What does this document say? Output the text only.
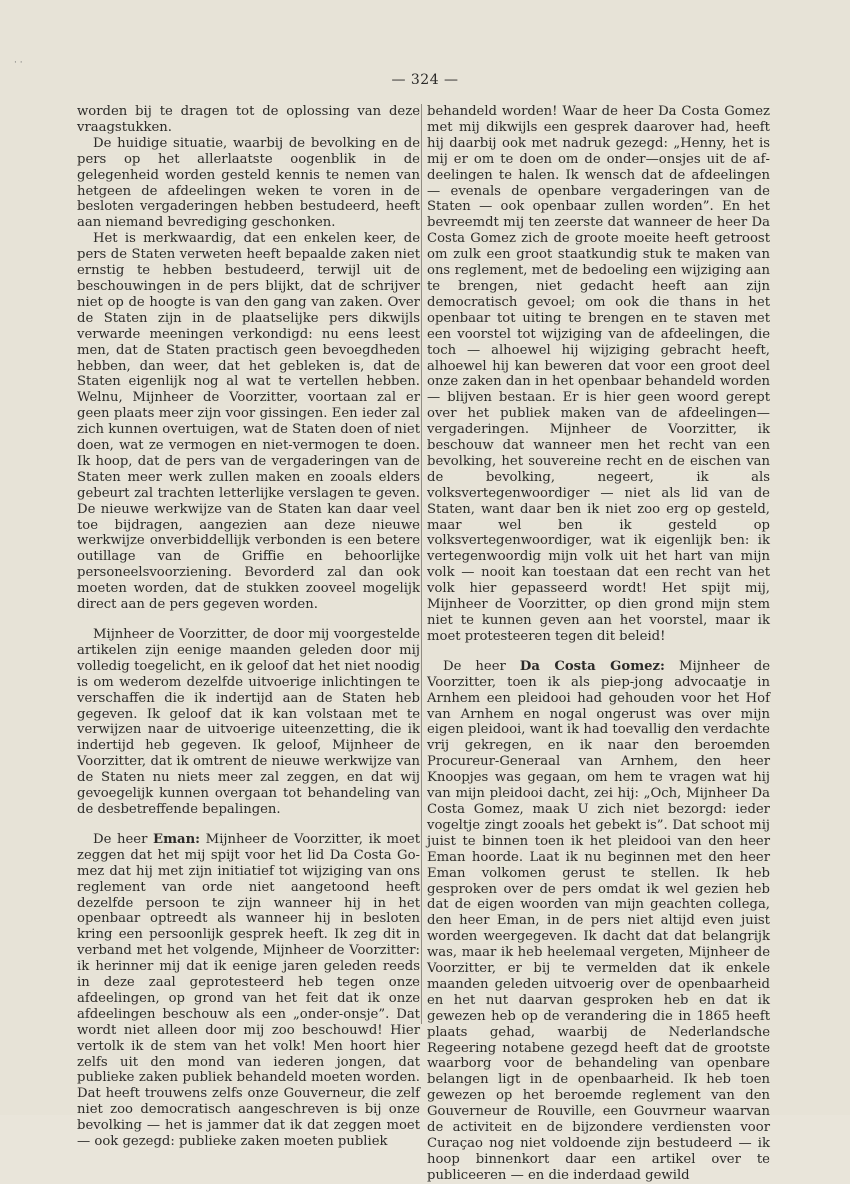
· ·
— 324 —

worden bij te dragen tot de oplossing van deze vraagstukken.

De huidige situatie, waarbij de bevolking en de pers op het allerlaatste oogenblik in de gelegenheid worden gesteld kennis te nemen van hetgeen de afdeelingen weken te voren in de besloten vergaderingen hebben bestudeerd, heeft aan niemand bevrediging geschonken.

Het is merkwaardig, dat een enkelen keer, de pers de Staten verweten heeft bepaalde zaken niet ernstig te hebben bestudeerd, terwijl uit de beschouwingen in de pers blijkt, dat de schrijver niet op de hoogte is van den gang van zaken. Over de Staten zijn in de plaatselijke pers dikwijls verwarde meeningen verkondigd: nu eens leest men, dat de Staten practisch geen bevoegdheden hebben, dan weer, dat het gebleken is, dat de Staten eigenlijk nog al wat te vertellen hebben. Welnu, Mijnheer de Voorzitter, voortaan zal er geen plaats meer zijn voor gissingen. Een ieder zal zich kunnen overtuigen, wat de Staten doen of niet doen, wat ze vermogen en niet-vermogen te doen. Ik hoop, dat de pers van de vergaderingen van de Staten meer werk zullen maken en zooals elders gebeurt zal trachten letterlijke verslagen te geven. De nieuwe werkwijze van de Staten kan daar veel toe bijdragen, aangezien aan deze nieuwe werkwijze onverbiddellijk verbonden is een betere outillage van de Griffie en behoorlijke personeelsvoorziening. Bevorderd zal dan ook moeten worden, dat de stukken zooveel mogelijk direct aan de pers gegeven worden.

Mijnheer de Voorzitter, de door mij voorgestelde artikelen zijn eenige maanden geleden door mij volledig toegelicht, en ik geloof dat het niet noodig is om wederom dezelfde uitvoerige inlichtingen te verschaffen die ik indertijd aan de Staten heb gegeven. Ik geloof dat ik kan volstaan met te verwijzen naar de uitvoerige uiteenzetting, die ik indertijd heb gegeven. Ik geloof, Mijnheer de Voorzitter, dat ik omtrent de nieuwe werkwijze van de Staten nu niets meer zal zeggen, en dat wij gevoegelijk kunnen overgaan tot behandeling van de desbetreffende bepalingen.

De heer Eman: Mijnheer de Voorzitter, ik moet zeggen dat het mij spijt voor het lid Da Costa Gomez dat hij met zijn initiatief tot wijziging van ons reglement van orde niet aangetoond heeft dezelfde persoon te zijn wanneer hij in het openbaar optreedt als wanneer hij in besloten kring een persoonlijk gesprek heeft. Ik zeg dit in verband met het volgende, Mijnheer de Voorzitter: ik herinner mij dat ik eenige jaren geleden reeds in deze zaal geprotesteerd heb tegen onze afdeelingen, op grond van het feit dat ik onze afdeelingen beschouw als een „onder-onsje”. Dat wordt niet alleen door mij zoo beschouwd! Hier vertolk ik de stem van het volk! Men hoort hier zelfs uit den mond van iederen jongen, dat publieke zaken publiek behandeld moeten worden. Dat heeft trouwens zelfs onze Gouverneur, die zelf niet zoo democratisch aangeschreven is bij onze bevolking — het is jammer dat ik dat zeggen moet — ook gezegd: publieke zaken moeten publiek

behandeld worden! Waar de heer Da Costa Gomez met mij dikwijls een gesprek daarover had, heeft hij daarbij ook met nadruk gezegd: „Henny, het is mij er om te doen om de onder—onsjes uit de afdeelingen te halen. Ik wensch dat de afdeelingen — evenals de openbare vergaderingen van de Staten — ook openbaar zullen worden”. En het bevreemdt mij ten zeerste dat wanneer de heer Da Costa Gomez zich de groote moeite heeft getroost om zulk een groot staatkundig stuk te maken van ons reglement, met de bedoeling een wijziging aan te brengen, niet gedacht heeft aan zijn democratisch gevoel; om ook die thans in het openbaar tot uiting te brengen en te staven met een voorstel tot wijziging van de afdeelingen, die toch — alhoewel hij wijziging gebracht heeft, alhoewel hij kan beweren dat voor een groot deel onze zaken dan in het openbaar behandeld worden — blijven bestaan. Er is hier geen woord gerept over het publiek maken van de afdeelingen—vergaderingen. Mijnheer de Voorzitter, ik beschouw dat wanneer men het recht van een bevolking, het souvereine recht en de eischen van de bevolking, negeert, ik als volksvertegenwoordiger — niet als lid van de Staten, want daar ben ik niet zoo erg op gesteld, maar wel ben ik gesteld op volksvertegenwoordiger, wat ik eigenlijk ben: ik vertegenwoordig mijn volk uit het hart van mijn volk — nooit kan toestaan dat een recht van het volk hier gepasseerd wordt! Het spijt mij, Mijnheer de Voorzitter, op dien grond mijn stem niet te kunnen geven aan het voorstel, maar ik moet protesteeren tegen dit beleid!

De heer Da Costa Gomez: Mijnheer de Voorzitter, toen ik als piep-jong advocaatje in Arnhem een pleidooi had gehouden voor het Hof van Arnhem en nogal ongerust was over mijn eigen pleidooi, want ik had toevallig den verdachte vrij gekregen, en ik naar den beroemden Procureur-Generaal van Arnhem, den heer Knoopjes was gegaan, om hem te vragen wat hij van mijn pleidooi dacht, zei hij: „Och, Mijnheer Da Costa Gomez, maak U zich niet bezorgd: ieder vogeltje zingt zooals het gebekt is”. Dat schoot mij juist te binnen toen ik het pleidooi van den heer Eman hoorde. Laat ik nu beginnen met den heer Eman volkomen gerust te stellen. Ik heb gesproken over de pers omdat ik wel gezien heb dat de eigen woorden van mijn geachten collega, den heer Eman, in de pers niet altijd even juist worden weergegeven. Ik dacht dat dat belangrijk was, maar ik heb heelemaal vergeten, Mijnheer de Voorzitter, er bij te vermelden dat ik enkele maanden geleden uitvoerig over de openbaarheid en het nut daarvan gesproken heb en dat ik gewezen heb op de verandering die in 1865 heeft plaats gehad, waarbij de Nederlandsche Regeering notabene gezegd heeft dat de grootste waarborg voor de behandeling van openbare belangen ligt in de openbaarheid. Ik heb toen gewezen op het beroemde reglement van den Gouverneur de Rouville, een Gouvrneur waarvan de activiteit en de bijzondere verdiensten voor Curaçao nog niet voldoende zijn bestudeerd — ik hoop binnenkort daar een artikel over te publiceeren — en die inderdaad gewild
